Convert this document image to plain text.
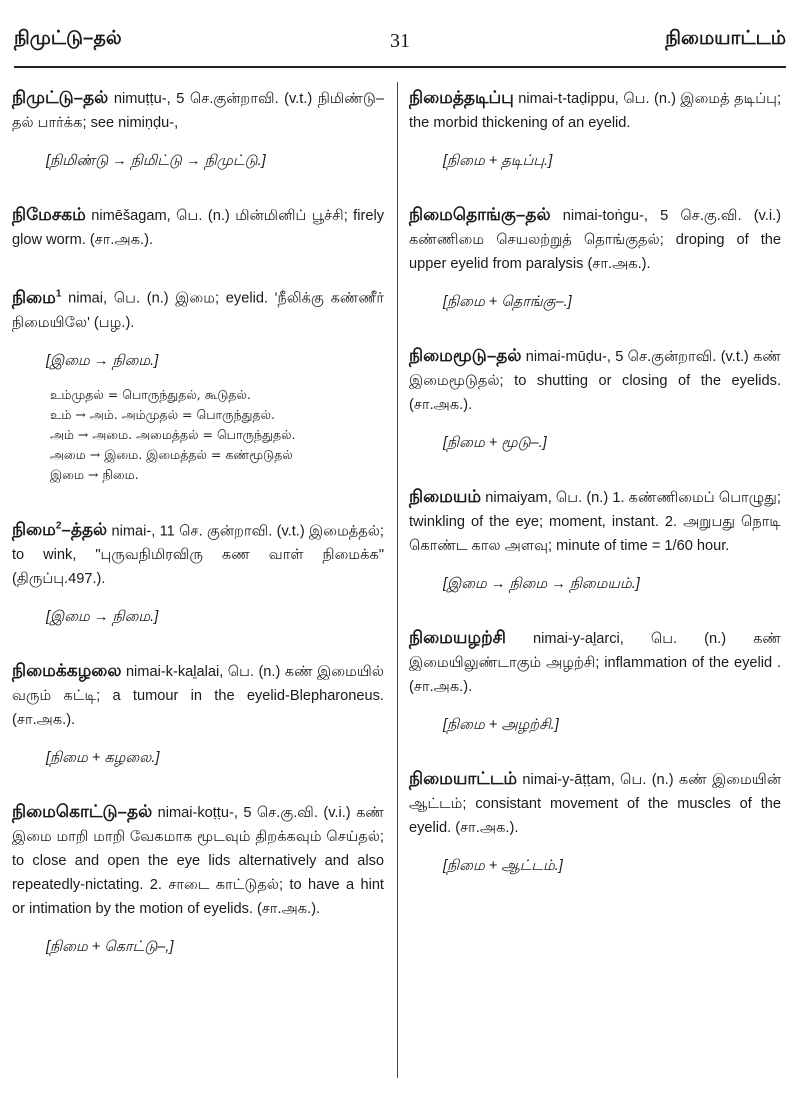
நிமுட்டு–தல்	31	நிமையாட்டம்

நிமுட்டு–தல் nimuṭṭu-, 5 செ.குன்றாவி. (v.t.) நிமிண்டு–தல் பார்க்க; see nimiṇḍu-,

[நிமிண்டு → நிமிட்டு → நிமுட்டு.]

நிமேசகம் nimēšagam, பெ. (n.) மின்மினிப் பூச்சி; firely glow worm. (சா.அக.).

நிமை$^1$ nimai, பெ. (n.) இமை; eyelid. 'நீலிக்கு கண்ணீர் நிமையிலே' (பழ.).

[இமை → நிமை.]
உம்முதல் = பொருந்துதல், கூடுதல்.
உம் → அம். அம்முதல் = பொருந்துதல்.
அம் → அமை. அமைத்தல் = பொருந்துதல்.
அமை → இமை. இமைத்தல் = கண்மூடுதல்
இமை → நிமை.

நிமை$^2$–த்தல் nimai-, 11 செ. குன்றாவி. (v.t.) இமைத்தல்; to wink, "புருவநிமிரவிரு கண வாள் நிமைக்க" (திருப்பு.497.).

[இமை → நிமை.]

நிமைக்கழலை nimai-k-kaḻalai, பெ. (n.) கண் இமையில் வரும் கட்டி; a tumour in the eyelid-Blepharoneus. (சா.அக.).

[நிமை + கழலை.]

நிமைகொட்டு–தல் nimai-koṭṭu-, 5 செ.கு.வி. (v.i.) கண் இமை மாறி மாறி வேகமாக மூடவும் திறக்கவும் செய்தல்; to close and open the eye lids alternatively and also repeatedly-nictating. 2. சாடை காட்டுதல்; to have a hint or intimation by the motion of eyelids. (சா.அக.).

[நிமை + கொட்டு–,]

நிமைத்தடிப்பு nimai-t-taḍippu, பெ. (n.) இமைத் தடிப்பு; the morbid thickening of an eyelid.

[நிமை + தடிப்பு.]

நிமைதொங்கு–தல் nimai-toṅgu-, 5 செ.கு.வி. (v.i.) கண்ணிமை செயலற்றுத் தொங்குதல்; droping of the upper eyelid from paralysis (சா.அக.).

[நிமை + தொங்கு–.]

நிமைமூடு–தல் nimai-mūḍu-, 5 செ.குன்றாவி. (v.t.) கண் இமைமூடுதல்; to shutting or closing of the eyelids. (சா.அக.).

[நிமை + மூடு–.]

நிமையம் nimaiyam, பெ. (n.) 1. கண்ணிமைப் பொழுது; twinkling of the eye; moment, instant. 2. அறுபது நொடி கொண்ட கால அளவு; minute of time = 1/60 hour.

[இமை → நிமை → நிமையம்.]

நிமையழற்சி nimai-y-aḻarci, பெ. (n.) கண் இமையிலுண்டாகும் அழற்சி; inflammation of the eyelid .(சா.அக.).

[நிமை + அழற்சி.]

நிமையாட்டம் nimai-y-āṭṭam, பெ. (n.) கண் இமையின் ஆட்டம்; consistant movement of the muscles of the eyelid. (சா.அக.).

[நிமை + ஆட்டம்.]
